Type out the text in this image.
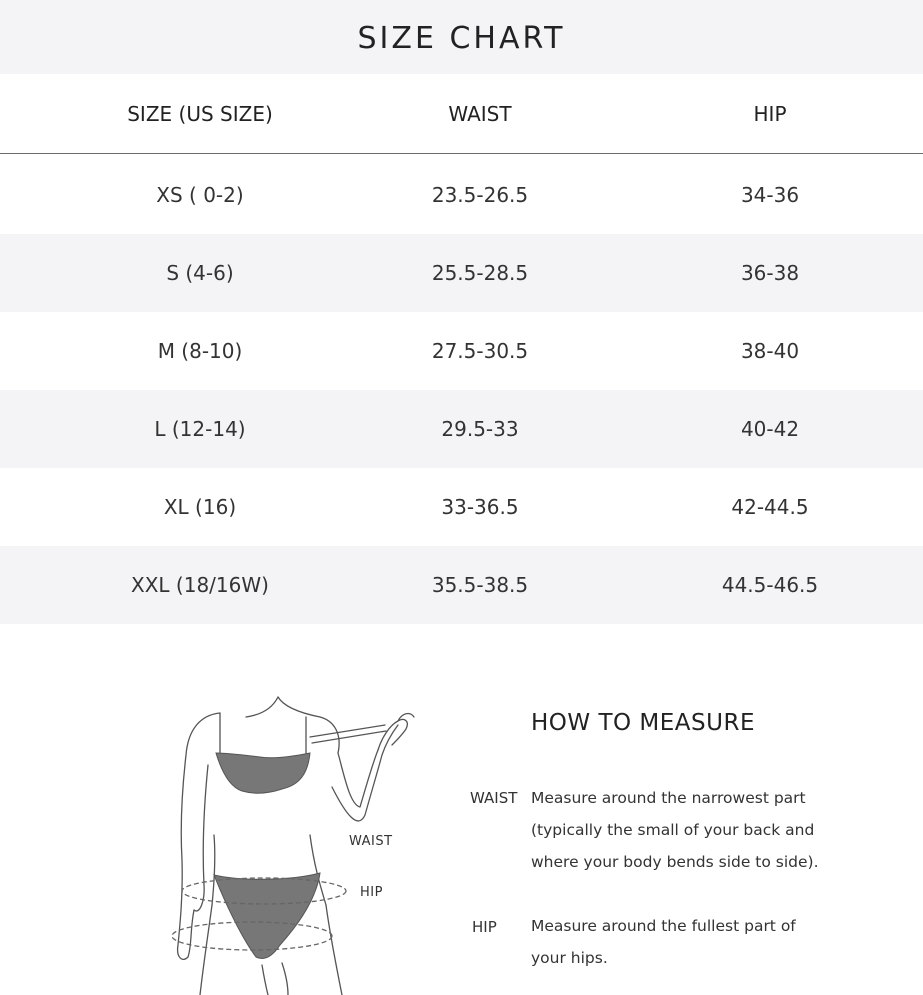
SIZE CHART
SIZE (US SIZE)	WAIST	HIP
XS ( 0-2)	23.5-26.5	34-36
S (4-6)	25.5-28.5	36-38
M (8-10)	27.5-30.5	38-40
L (12-14)	29.5-33	40-42
XL (16)	33-36.5	42-44.5
XXL (18/16W)	35.5-38.5	44.5-46.5
WAIST
HIP
HOW TO MEASURE
WAIST Measure around the narrowest part
(typically the small of your back and
where your body bends side to side).
HIP Measure around the fullest part of
your hips.
